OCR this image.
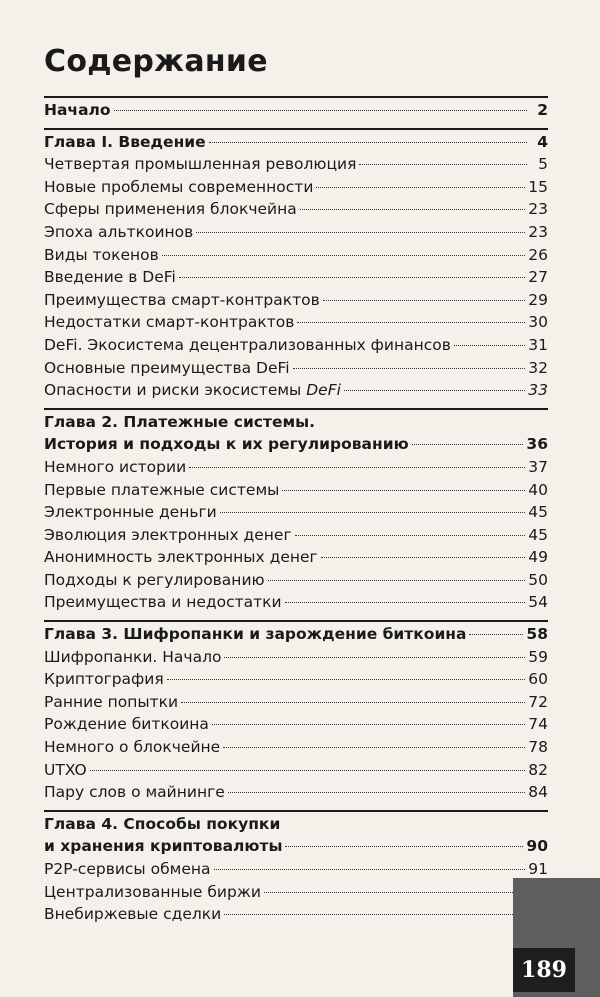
Содержание
Начало	2
Глава I. Введение	4
Четвертая промышленная революция	5
Новые проблемы современности	15
Сферы применения блокчейна	23
Эпоха альткоинов	23
Виды токенов	26
Введение в DeFi	27
Преимущества смарт-контрактов	29
Недостатки смарт-контрактов	30
DeFi. Экосистема децентрализованных финансов	31
Основные преимущества DeFi	32
Опасности и риски экосистемы DeFi	33
Глава 2. Платежные системы.
История и подходы к их регулированию	36
Немного истории	37
Первые платежные системы	40
Электронные деньги	45
Эволюция электронных денег	45
Анонимность электронных денег	49
Подходы к регулированию	50
Преимущества и недостатки	54
Глава 3. Шифропанки и зарождение биткоина	58
Шифропанки. Начало	59
Криптография	60
Ранние попытки	72
Рождение биткоина	74
Немного о блокчейне	78
UTXO	82
Пару слов о майнинге	84
Глава 4. Способы покупки
и хранения криптовалюты	90
P2P-сервисы обмена	91
Централизованные биржи
Внебиржевые сделки
189
